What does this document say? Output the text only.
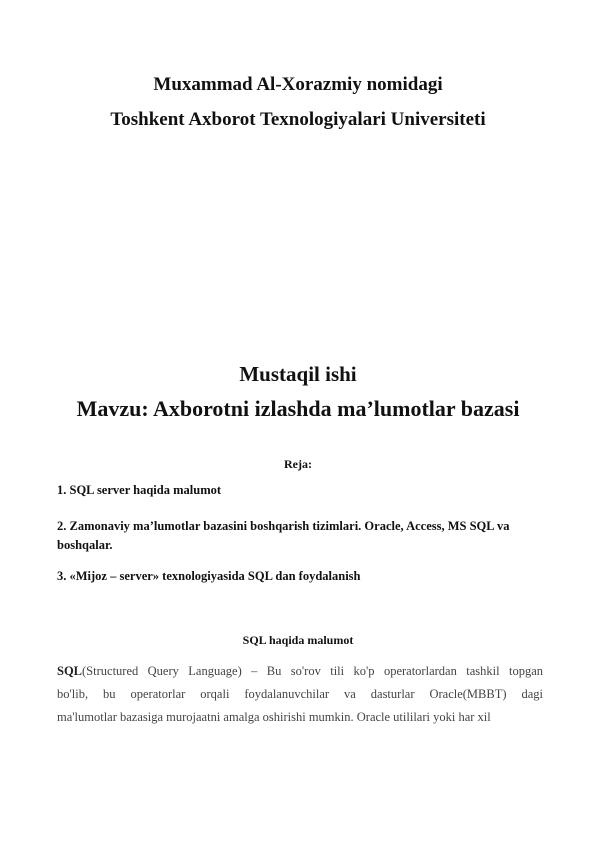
Muxammad Al-Xorazmiy nomidagi
Toshkent Axborot Texnologiyalari Universiteti
Mustaqil ishi
Mavzu: Axborotni izlashda ma’lumotlar bazasi
Reja:
1. SQL server haqida malumot
2. Zamonaviy ma’lumotlar bazasini boshqarish tizimlari. Oracle, Access, MS SQL va boshqalar.
3. «Mijoz – server» texnologiyasida SQL dan foydalanish
SQL haqida malumot
SQL(Structured Query Language) – Bu so'rov tili ko'p operatorlardan tashkil topgan
bo'lib, bu operatorlar orqali foydalanuvchilar va dasturlar Oracle(MBBT) dagi
ma'lumotlar bazasiga murojaatni amalga oshirishi mumkin. Oracle utililari yoki har xil
